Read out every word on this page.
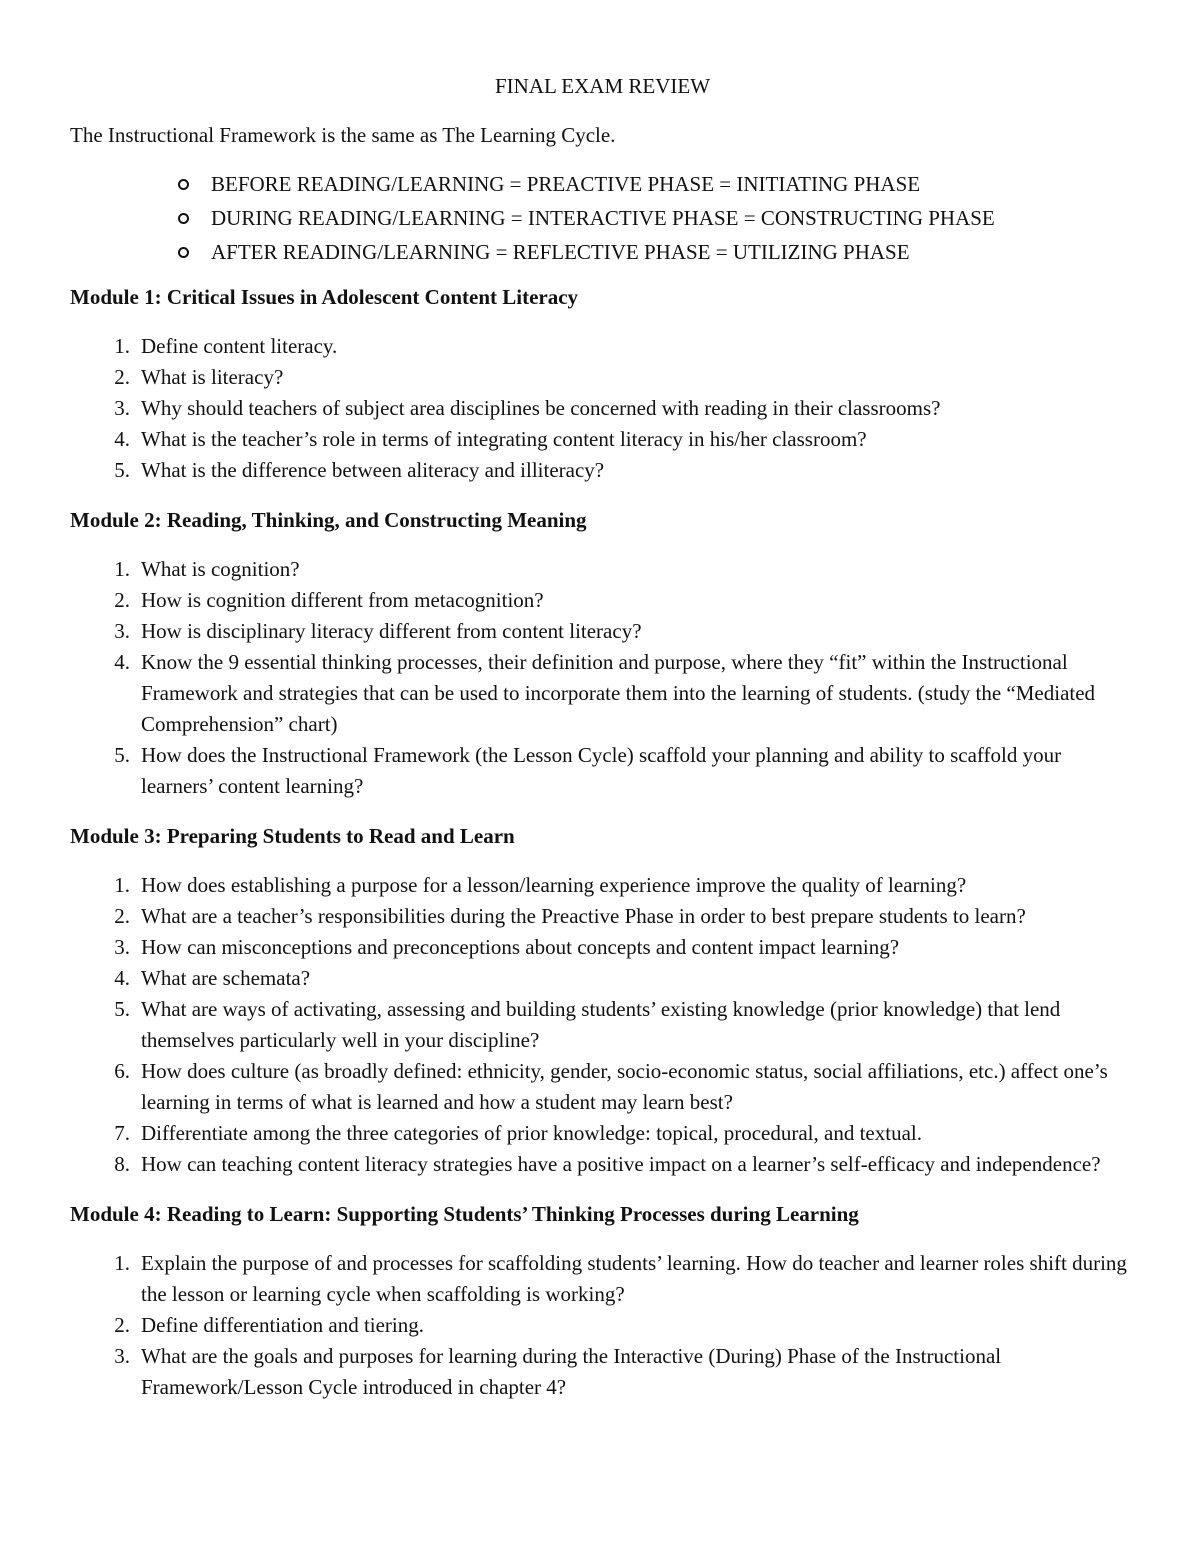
FINAL EXAM REVIEW
The Instructional Framework is the same as The Learning Cycle.
BEFORE READING/LEARNING = PREACTIVE PHASE = INITIATING PHASE
DURING READING/LEARNING = INTERACTIVE PHASE = CONSTRUCTING PHASE
AFTER READING/LEARNING = REFLECTIVE PHASE = UTILIZING PHASE
Module 1: Critical Issues in Adolescent Content Literacy
1. Define content literacy.
2. What is literacy?
3. Why should teachers of subject area disciplines be concerned with reading in their classrooms?
4. What is the teacher’s role in terms of integrating content literacy in his/her classroom?
5. What is the difference between aliteracy and illiteracy?
Module 2: Reading, Thinking, and Constructing Meaning
1. What is cognition?
2. How is cognition different from metacognition?
3. How is disciplinary literacy different from content literacy?
4. Know the 9 essential thinking processes, their definition and purpose, where they “fit” within the Instructional Framework and strategies that can be used to incorporate them into the learning of students. (study the “Mediated Comprehension” chart)
5. How does the Instructional Framework (the Lesson Cycle) scaffold your planning and ability to scaffold your learners’ content learning?
Module 3: Preparing Students to Read and Learn
1. How does establishing a purpose for a lesson/learning experience improve the quality of learning?
2. What are a teacher’s responsibilities during the Preactive Phase in order to best prepare students to learn?
3. How can misconceptions and preconceptions about concepts and content impact learning?
4. What are schemata?
5. What are ways of activating, assessing and building students’ existing knowledge (prior knowledge) that lend themselves particularly well in your discipline?
6. How does culture (as broadly defined: ethnicity, gender, socio-economic status, social affiliations, etc.) affect one’s learning in terms of what is learned and how a student may learn best?
7. Differentiate among the three categories of prior knowledge: topical, procedural, and textual.
8. How can teaching content literacy strategies have a positive impact on a learner’s self-efficacy and independence?
Module 4: Reading to Learn: Supporting Students’ Thinking Processes during Learning
1. Explain the purpose of and processes for scaffolding students’ learning. How do teacher and learner roles shift during the lesson or learning cycle when scaffolding is working?
2. Define differentiation and tiering.
3. What are the goals and purposes for learning during the Interactive (During) Phase of the Instructional Framework/Lesson Cycle introduced in chapter 4?
